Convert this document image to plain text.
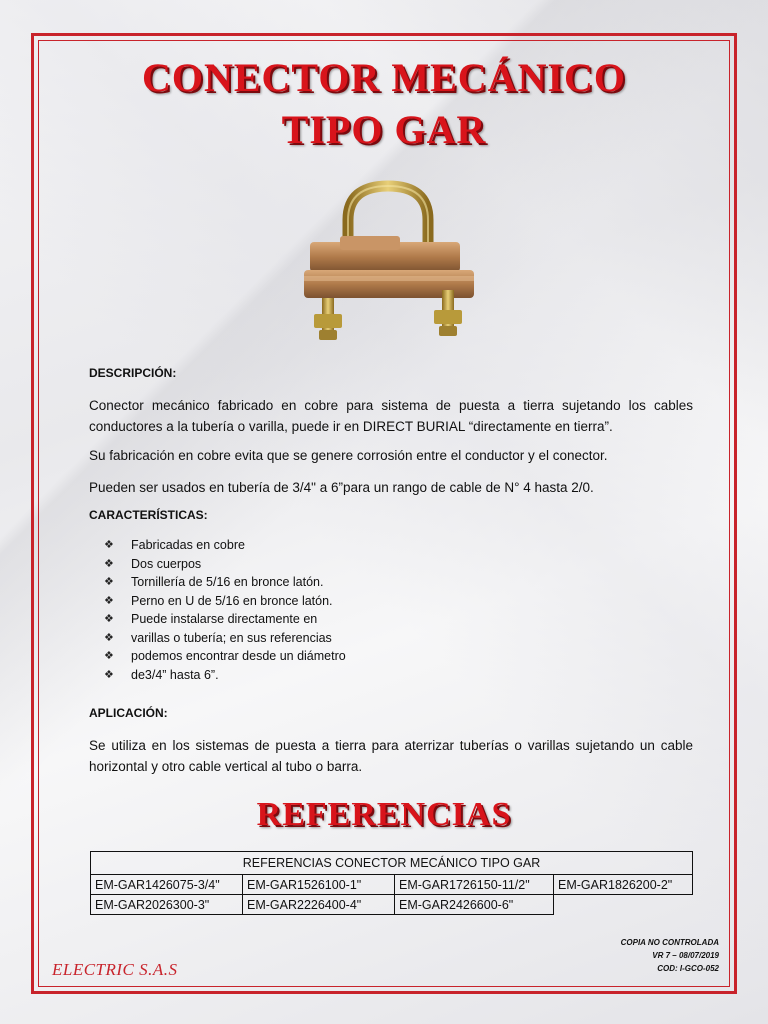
CONECTOR MECÁNICO
TIPO GAR
DESCRIPCIÓN:
Conector mecánico fabricado en cobre para sistema de puesta a tierra sujetando los cables conductores a la tubería o varilla, puede ir en DIRECT BURIAL “directamente en tierra”.
Su fabricación en cobre evita que se genere corrosión entre el conductor y el conector.
Pueden ser usados en tubería de 3/4" a 6”para un rango de cable de N° 4 hasta 2/0.
CARACTERÍSTICAS:
❖ Fabricadas en cobre
❖ Dos cuerpos
❖ Tornillería de 5/16 en bronce latón.
❖ Perno en U de 5/16 en bronce latón.
❖ Puede instalarse directamente en
❖ varillas o tubería; en sus referencias
❖ podemos encontrar desde un diámetro
❖ de3/4” hasta 6”.
APLICACIÓN:
Se utiliza en los sistemas de puesta a tierra para aterrizar tuberías o varillas sujetando un cable horizontal y otro cable vertical al tubo o barra.
REFERENCIAS
REFERENCIAS CONECTOR MECÁNICO TIPO GAR			
EM-GAR1426075-3/4"	EM-GAR1526100-1"	EM-GAR1726150-11/2"	EM-GAR1826200-2"
EM-GAR2026300-3"	EM-GAR2226400-4"	EM-GAR2426600-6"	
COPIA NO CONTROLADA
VR 7 – 08/07/2019
COD: I-GCO-052
ELECTRIC S.A.S
